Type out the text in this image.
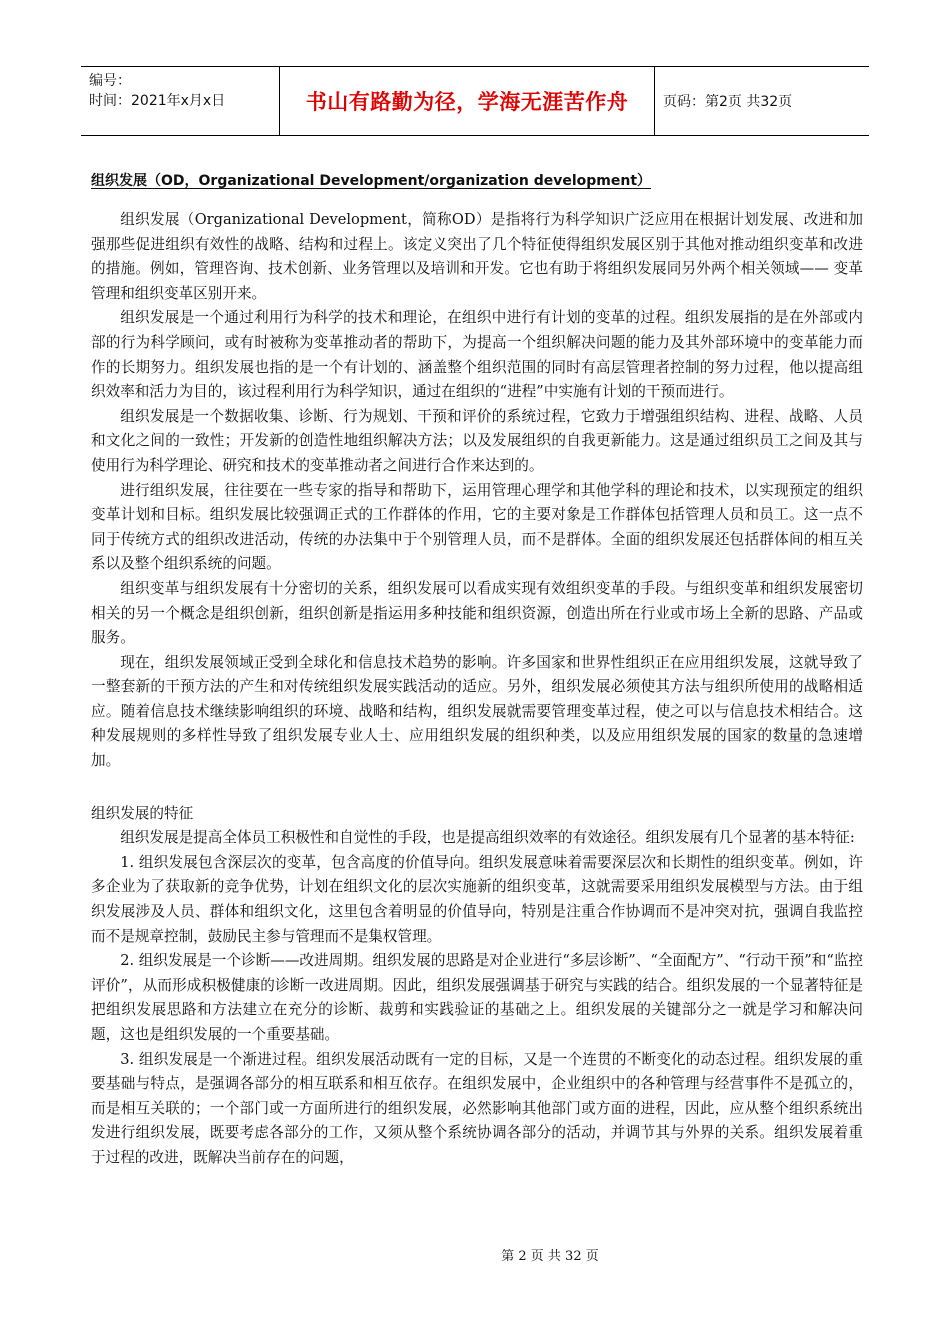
编号：
时间：2021年x月x日	书山有路勤为径，学海无涯苦作舟	页码：第2页 共32页
组织发展（OD，Organizational Development/organization development）

组织发展（Organizational Development，简称OD）是指将行为科学知识广泛应用在根据计划发展、改进和加强那些促进组织有效性的战略、结构和过程上。该定义突出了几个特征使得组织发展区别于其他对推动组织变革和改进的措施。例如，管理咨询、技术创新、业务管理以及培训和开发。它也有助于将组织发展同另外两个相关领域—— 变革管理和组织变革区别开来。

组织发展是一个通过利用行为科学的技术和理论，在组织中进行有计划的变革的过程。组织发展指的是在外部或内部的行为科学顾问，或有时被称为变革推动者的帮助下，为提高一个组织解决问题的能力及其外部环境中的变革能力而作的长期努力。组织发展也指的是一个有计划的、涵盖整个组织范围的同时有高层管理者控制的努力过程，他以提高组织效率和活力为目的，该过程利用行为科学知识，通过在组织的“进程”中实施有计划的干预而进行。

组织发展是一个数据收集、诊断、行为规划、干预和评价的系统过程，它致力于增强组织结构、进程、战略、人员和文化之间的一致性；开发新的创造性地组织解决方法；以及发展组织的自我更新能力。这是通过组织员工之间及其与使用行为科学理论、研究和技术的变革推动者之间进行合作来达到的。

进行组织发展，往往要在一些专家的指导和帮助下，运用管理心理学和其他学科的理论和技术，以实现预定的组织变革计划和目标。组织发展比较强调正式的工作群体的作用，它的主要对象是工作群体包括管理人员和员工。这一点不同于传统方式的组织改进活动，传统的办法集中于个别管理人员，而不是群体。全面的组织发展还包括群体间的相互关系以及整个组织系统的问题。

组织变革与组织发展有十分密切的关系，组织发展可以看成实现有效组织变革的手段。与组织变革和组织发展密切相关的另一个概念是组织创新，组织创新是指运用多种技能和组织资源，创造出所在行业或市场上全新的思路、产品或服务。

现在，组织发展领域正受到全球化和信息技术趋势的影响。许多国家和世界性组织正在应用组织发展，这就导致了一整套新的干预方法的产生和对传统组织发展实践活动的适应。另外，组织发展必须使其方法与组织所使用的战略相适应。随着信息技术继续影响组织的环境、战略和结构，组织发展就需要管理变革过程，使之可以与信息技术相结合。这种发展规则的多样性导致了组织发展专业人士、应用组织发展的组织种类，以及应用组织发展的国家的数量的急速增加。

组织发展的特征

组织发展是提高全体员工积极性和自觉性的手段，也是提高组织效率的有效途径。组织发展有几个显著的基本特征:

1. 组织发展包含深层次的变革，包含高度的价值导向。组织发展意味着需要深层次和长期性的组织变革。例如，许多企业为了获取新的竞争优势，计划在组织文化的层次实施新的组织变革，这就需要采用组织发展模型与方法。由于组织发展涉及人员、群体和组织文化，这里包含着明显的价值导向，特别是注重合作协调而不是冲突对抗，强调自我监控而不是规章控制，鼓励民主参与管理而不是集权管理。

2. 组织发展是一个诊断——改进周期。组织发展的思路是对企业进行“多层诊断”、“全面配方”、“行动干预”和“监控评价”，从而形成积极健康的诊断一改进周期。因此，组织发展强调基于研究与实践的结合。组织发展的一个显著特征是把组织发展思路和方法建立在充分的诊断、裁剪和实践验证的基础之上。组织发展的关键部分之一就是学习和解决问题，这也是组织发展的一个重要基础。

3. 组织发展是一个渐进过程。组织发展活动既有一定的目标，又是一个连贯的不断变化的动态过程。组织发展的重要基础与特点，是强调各部分的相互联系和相互依存。在组织发展中，企业组织中的各种管理与经营事件不是孤立的，而是相互关联的；一个部门或一方面所进行的组织发展，必然影响其他部门或方面的进程，因此，应从整个组织系统出发进行组织发展，既要考虑各部分的工作，又须从整个系统协调各部分的活动，并调节其与外界的关系。组织发展着重于过程的改进，既解决当前存在的问题，

第 2 页 共 32 页
